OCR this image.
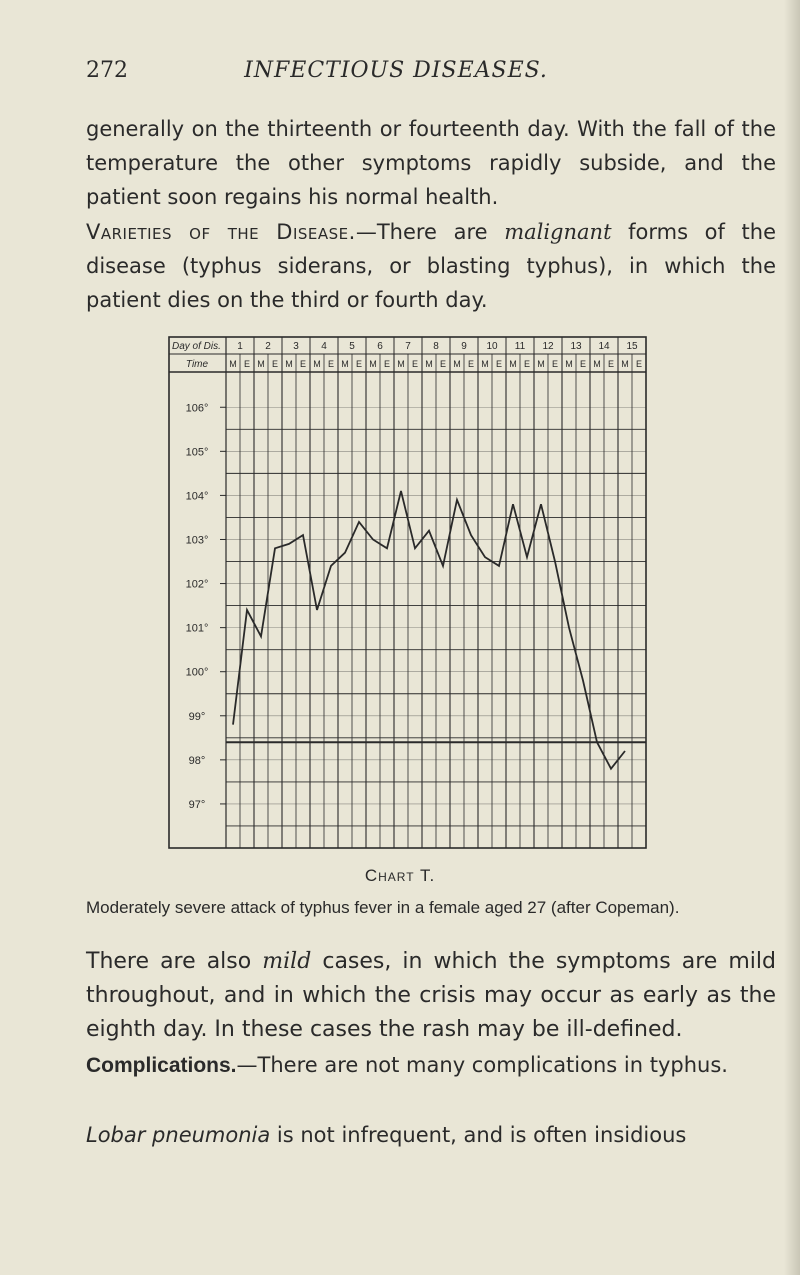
272	INFECTIOUS DISEASES.

generally on the thirteenth or fourteenth day. With the fall of the temperature the other symptoms rapidly subside, and the patient soon regains his normal health.

Varieties of the Disease.—There are malignant forms of the disease (typhus siderans, or blasting typhus), in which the patient dies on the third or fourth day.

Day of Dis.
Time
1 2 3 4 5 6 7 8 9 10 11 12 13 14 15
M E M E M E M E M E M E M E M E M E M E M E M E M E M E M E
106°
105°
104°
103°
102°
101°
100°
99°
98°
97°
Chart T.
Moderately severe attack of typhus fever in a female aged 27 (after Copeman).

There are also mild cases, in which the symptoms are mild throughout, and in which the crisis may occur as early as the eighth day. In these cases the rash may be ill-defined.

Complications.—There are not many complications in typhus.

Lobar pneumonia is not infrequent, and is often insidious
